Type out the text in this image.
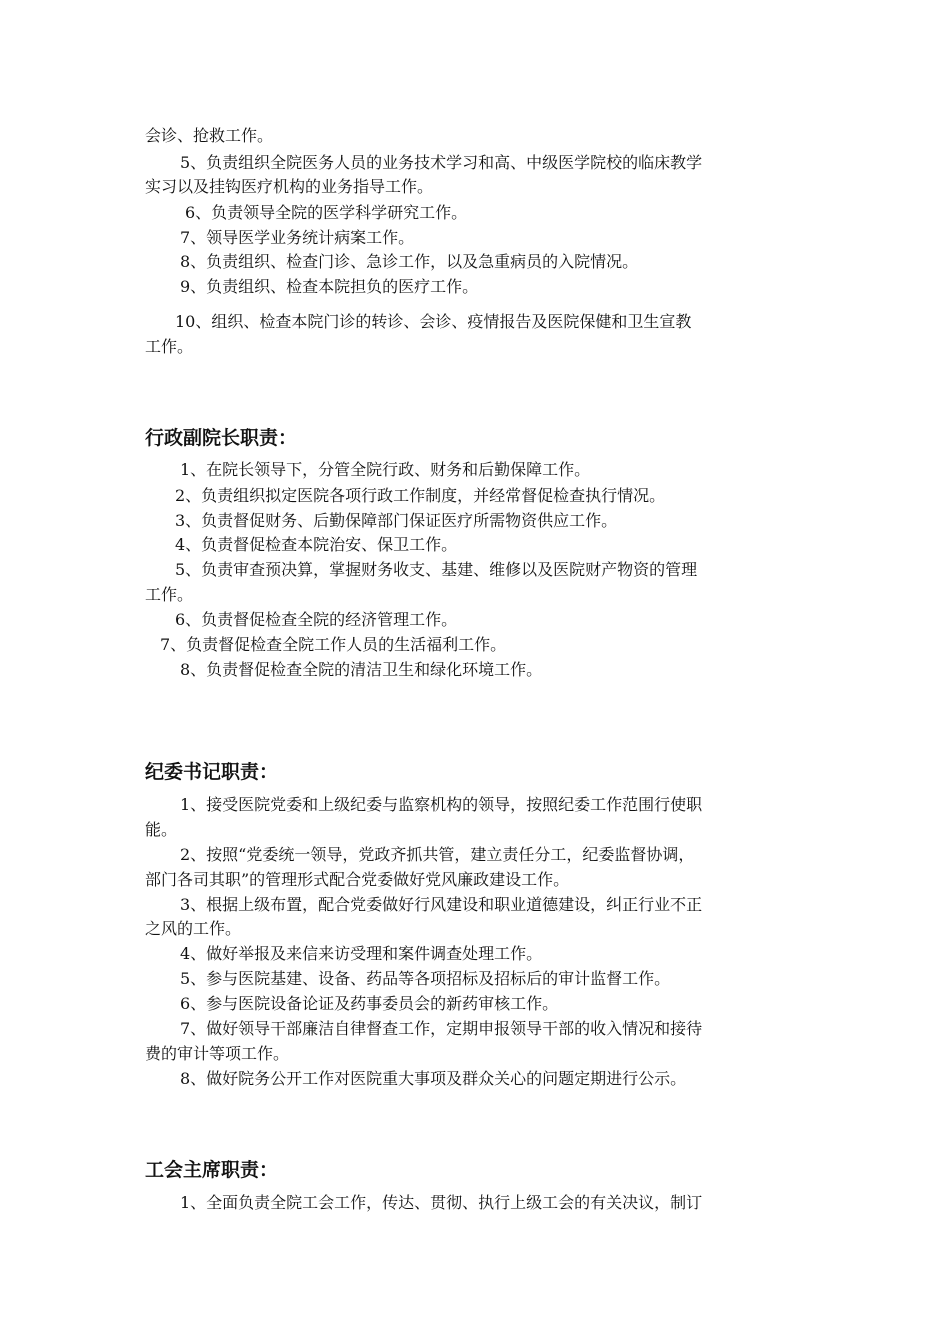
会诊、抢救工作。
5、负责组织全院医务人员的业务技术学习和高、中级医学院校的临床教学
实习以及挂钩医疗机构的业务指导工作。
6、负责领导全院的医学科学研究工作。
7、领导医学业务统计病案工作。
8、负责组织、检查门诊、急诊工作，以及急重病员的入院情况。
9、负责组织、检查本院担负的医疗工作。
10、组织、检查本院门诊的转诊、会诊、疫情报告及医院保健和卫生宣教
工作。
行政副院长职责：
1、在院长领导下，分管全院行政、财务和后勤保障工作。
2、负责组织拟定医院各项行政工作制度，并经常督促检查执行情况。
3、负责督促财务、后勤保障部门保证医疗所需物资供应工作。
4、负责督促检查本院治安、保卫工作。
5、负责审查预决算，掌握财务收支、基建、维修以及医院财产物资的管理
工作。
6、负责督促检查全院的经济管理工作。
7、负责督促检查全院工作人员的生活福利工作。
8、负责督促检查全院的清洁卫生和绿化环境工作。
纪委书记职责：
1、接受医院党委和上级纪委与监察机构的领导，按照纪委工作范围行使职
能。
2、按照“党委统一领导，党政齐抓共管，建立责任分工，纪委监督协调，
部门各司其职”的管理形式配合党委做好党风廉政建设工作。
3、根据上级布置，配合党委做好行风建设和职业道德建设，纠正行业不正
之风的工作。
4、做好举报及来信来访受理和案件调查处理工作。
5、参与医院基建、设备、药品等各项招标及招标后的审计监督工作。
6、参与医院设备论证及药事委员会的新药审核工作。
7、做好领导干部廉洁自律督查工作，定期申报领导干部的收入情况和接待
费的审计等项工作。
8、做好院务公开工作对医院重大事项及群众关心的问题定期进行公示。
工会主席职责：
1、全面负责全院工会工作，传达、贯彻、执行上级工会的有关决议，制订
